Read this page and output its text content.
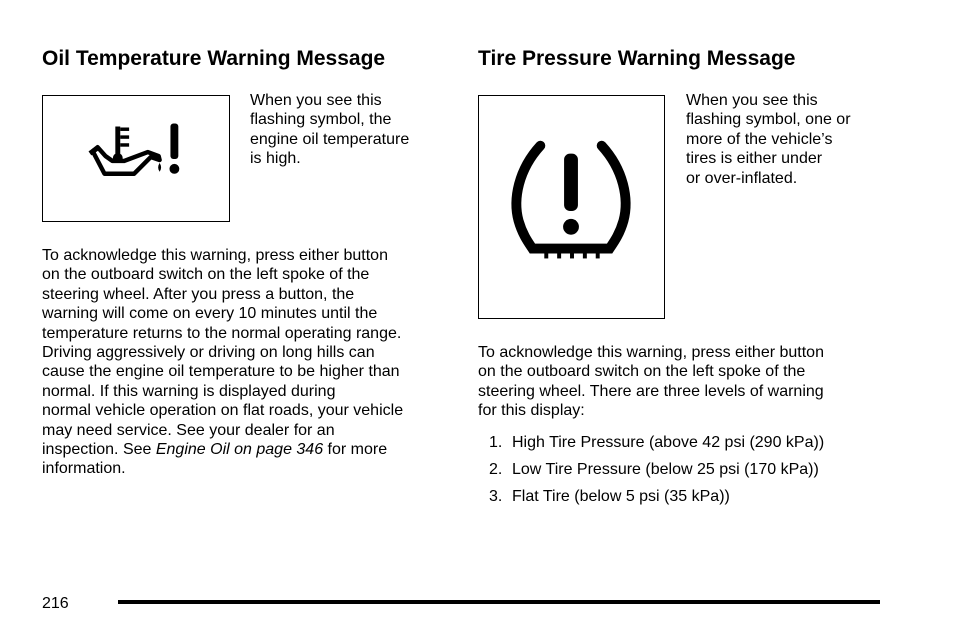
Oil Temperature Warning Message
When you see this
flashing symbol, the
engine oil temperature
is high.
To acknowledge this warning, press either button
on the outboard switch on the left spoke of the
steering wheel. After you press a button, the
warning will come on every 10 minutes until the
temperature returns to the normal operating range.
Driving aggressively or driving on long hills can
cause the engine oil temperature to be higher than
normal. If this warning is displayed during
normal vehicle operation on flat roads, your vehicle
may need service. See your dealer for an
inspection. See Engine Oil on page 346 for more
information.
Tire Pressure Warning Message
When you see this
flashing symbol, one or
more of the vehicle’s
tires is either under
or over-inflated.
To acknowledge this warning, press either button
on the outboard switch on the left spoke of the
steering wheel. There are three levels of warning
for this display:
1. High Tire Pressure (above 42 psi (290 kPa))
2. Low Tire Pressure (below 25 psi (170 kPa))
3. Flat Tire (below 5 psi (35 kPa))
216
